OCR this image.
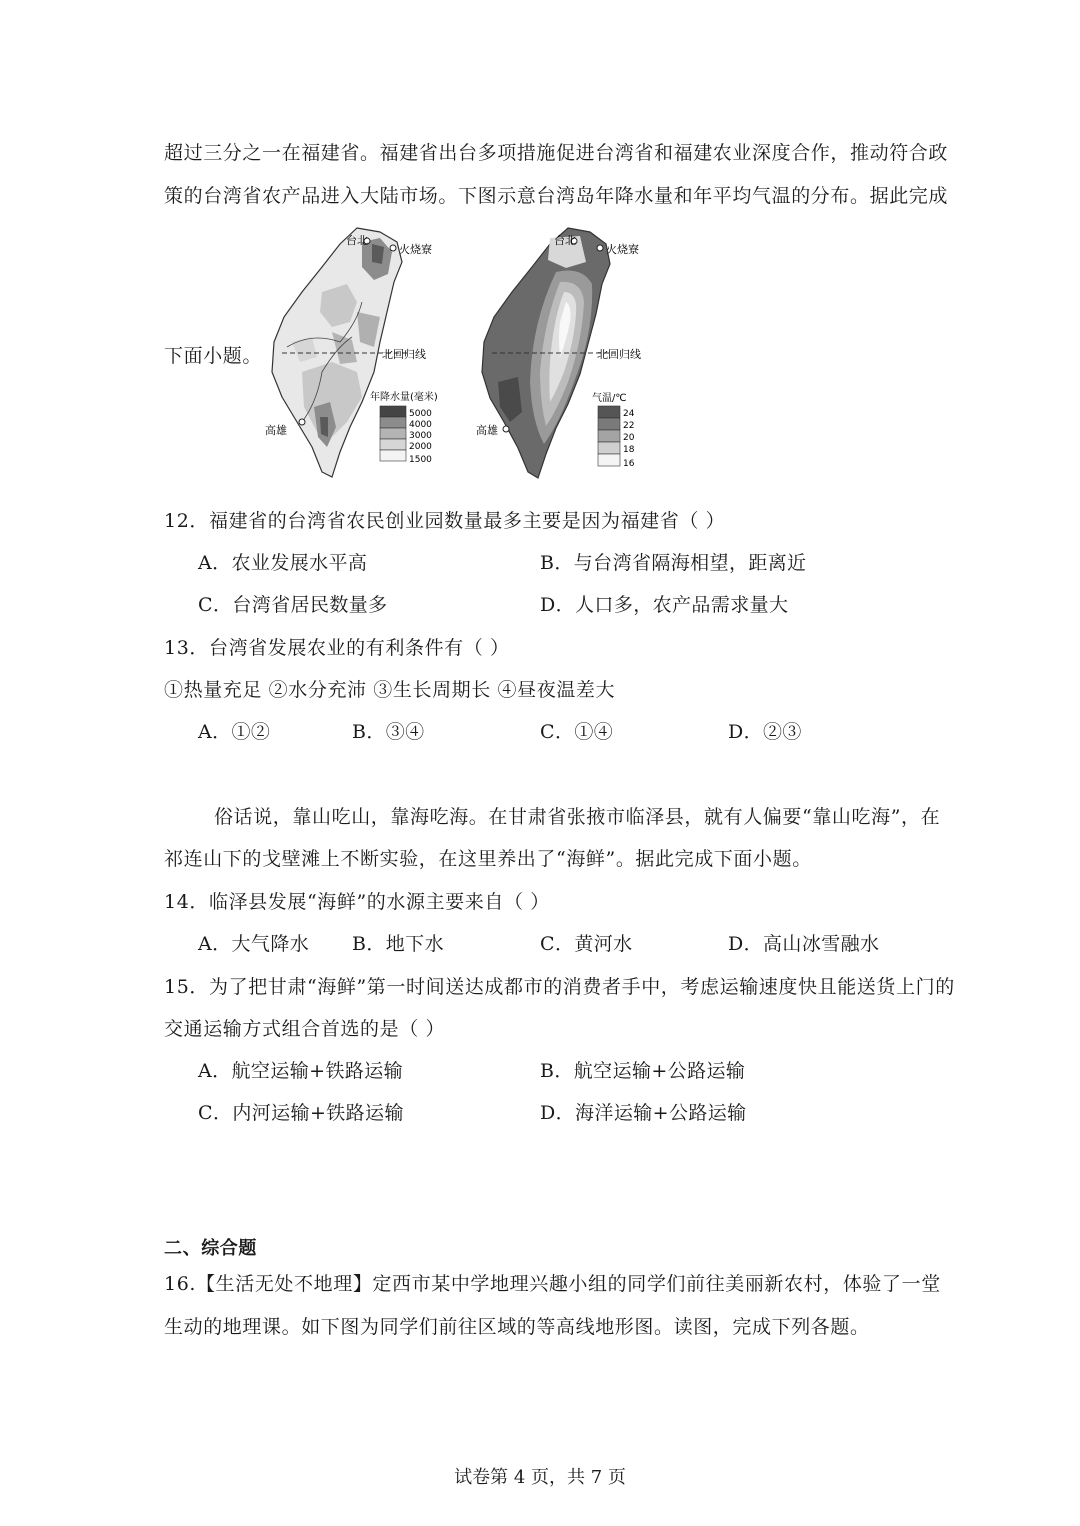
超过三分之一在福建省。福建省出台多项措施促进台湾省和福建农业深度合作，推动符合政
策的台湾省农产品进入大陆市场。下图示意台湾岛年降水量和年平均气温的分布。据此完成
下面小题。
台北
火烧寮
高雄
北回归线
年降水量(毫米)
5000
4000
3000
2000
1500
台北
火烧寮
高雄
北回归线
气温/℃
24
22
20
18
16
12．福建省的台湾省农民创业园数量最多主要是因为福建省（ ）
A．农业发展水平高	B．与台湾省隔海相望，距离近
C．台湾省居民数量多	D．人口多，农产品需求量大
13．台湾省发展农业的有利条件有（ ）
①热量充足 ②水分充沛 ③生长周期长 ④昼夜温差大
A．①②	B．③④	C．①④	D．②③
俗话说，靠山吃山，靠海吃海。在甘肃省张掖市临泽县，就有人偏要“靠山吃海”，在
祁连山下的戈壁滩上不断实验，在这里养出了“海鲜”。据此完成下面小题。
14．临泽县发展“海鲜”的水源主要来自（ ）
A．大气降水 B．地下水	C．黄河水	D．高山冰雪融水
15．为了把甘肃“海鲜”第一时间送达成都市的消费者手中，考虑运输速度快且能送货上门的
交通运输方式组合首选的是（ ）
A．航空运输+铁路运输	B．航空运输+公路运输
C．内河运输+铁路运输	D．海洋运输+公路运输
二、综合题
16.【生活无处不地理】定西市某中学地理兴趣小组的同学们前往美丽新农村，体验了一堂
生动的地理课。如下图为同学们前往区域的等高线地形图。读图，完成下列各题。
试卷第 4 页，共 7 页
